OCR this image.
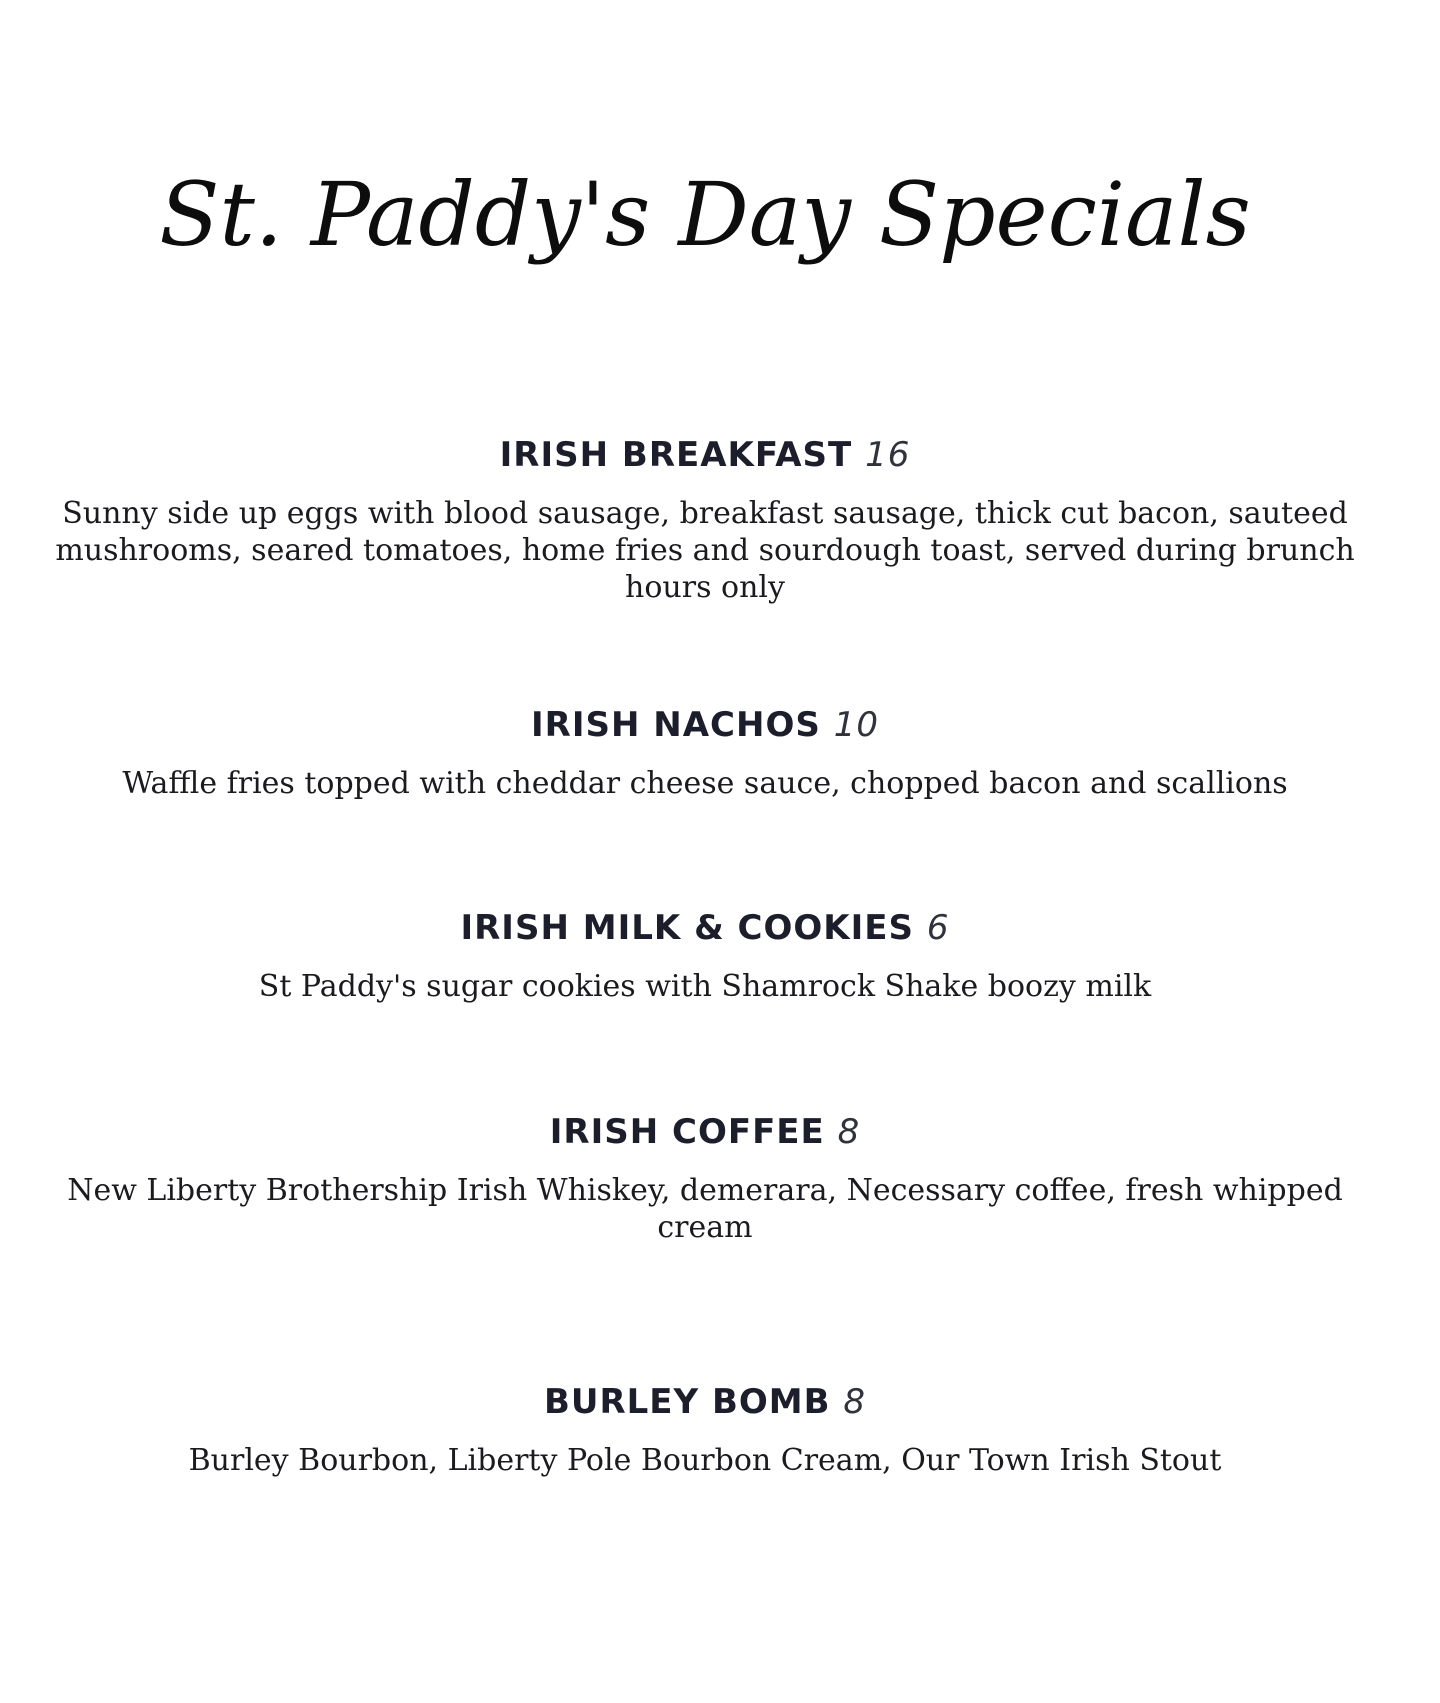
St. Paddy's Day Specials

IRISH BREAKFAST 16

Sunny side up eggs with blood sausage, breakfast sausage, thick cut bacon, sauteed mushrooms, seared tomatoes, home fries and sourdough toast, served during brunch hours only

IRISH NACHOS 10

Waffle fries topped with cheddar cheese sauce, chopped bacon and scallions

IRISH MILK & COOKIES 6

St Paddy's sugar cookies with Shamrock Shake boozy milk

IRISH COFFEE 8

New Liberty Brothership Irish Whiskey, demerara, Necessary coffee, fresh whipped cream

BURLEY BOMB 8

Burley Bourbon, Liberty Pole Bourbon Cream, Our Town Irish Stout
